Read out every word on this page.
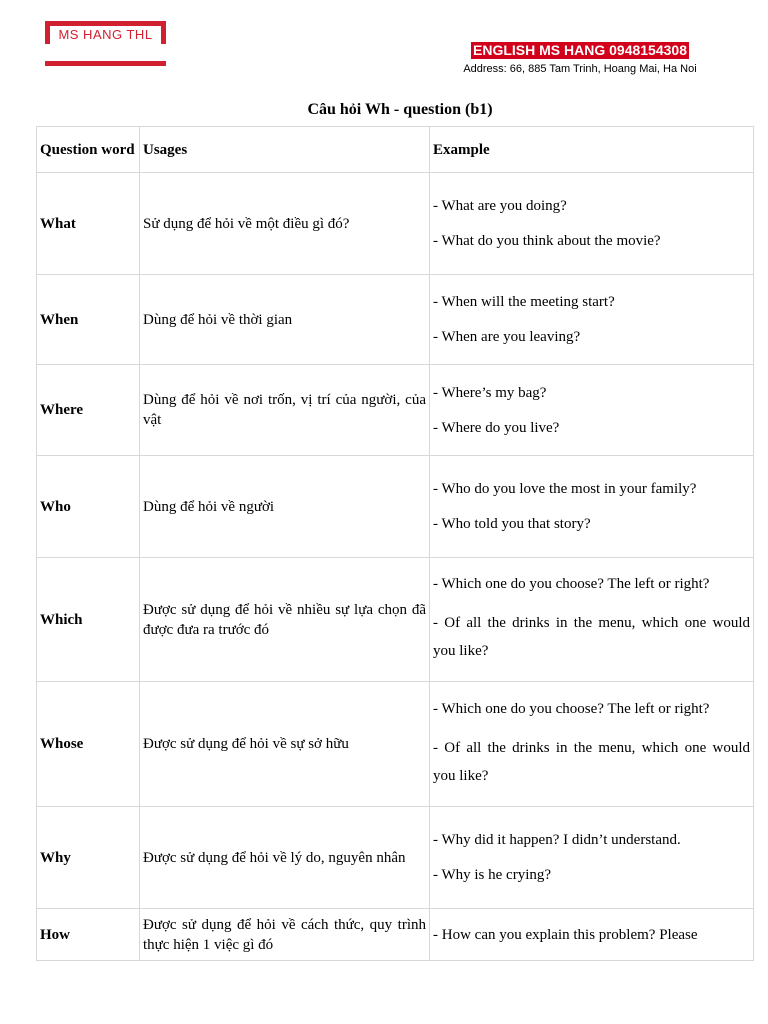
MS HANG THL
ENGLISH MS HANG 0948154308
Address: 66, 885 Tam Trinh, Hoang Mai, Ha Noi
Câu hỏi Wh - question (b1)
Question word	Usages	Example
What	Sử dụng để hỏi về một điều gì đó?	- What are you doing?

- What do you think about the movie?

When	Dùng để hỏi về thời gian	- When will the meeting start?

- When are you leaving?

Where	Dùng để hỏi về nơi trốn, vị trí của người, của vật	- Where’s my bag?

- Where do you live?

Who	Dùng để hỏi về người	- Who do you love the most in your family?

- Who told you that story?

Which	Được sử dụng để hỏi về nhiều sự lựa chọn đã được đưa ra trước đó	- Which one do you choose? The left or right?

- Of all the drinks in the menu, which one would you like?

Whose	Được sử dụng để hỏi về sự sở hữu	- Which one do you choose? The left or right?

- Of all the drinks in the menu, which one would you like?

Why	Được sử dụng để hỏi về lý do, nguyên nhân	- Why did it happen? I didn’t understand.

- Why is he crying?

How	Được sử dụng để hỏi về cách thức, quy trình thực hiện 1 việc gì đó	- How can you explain this problem? Please
